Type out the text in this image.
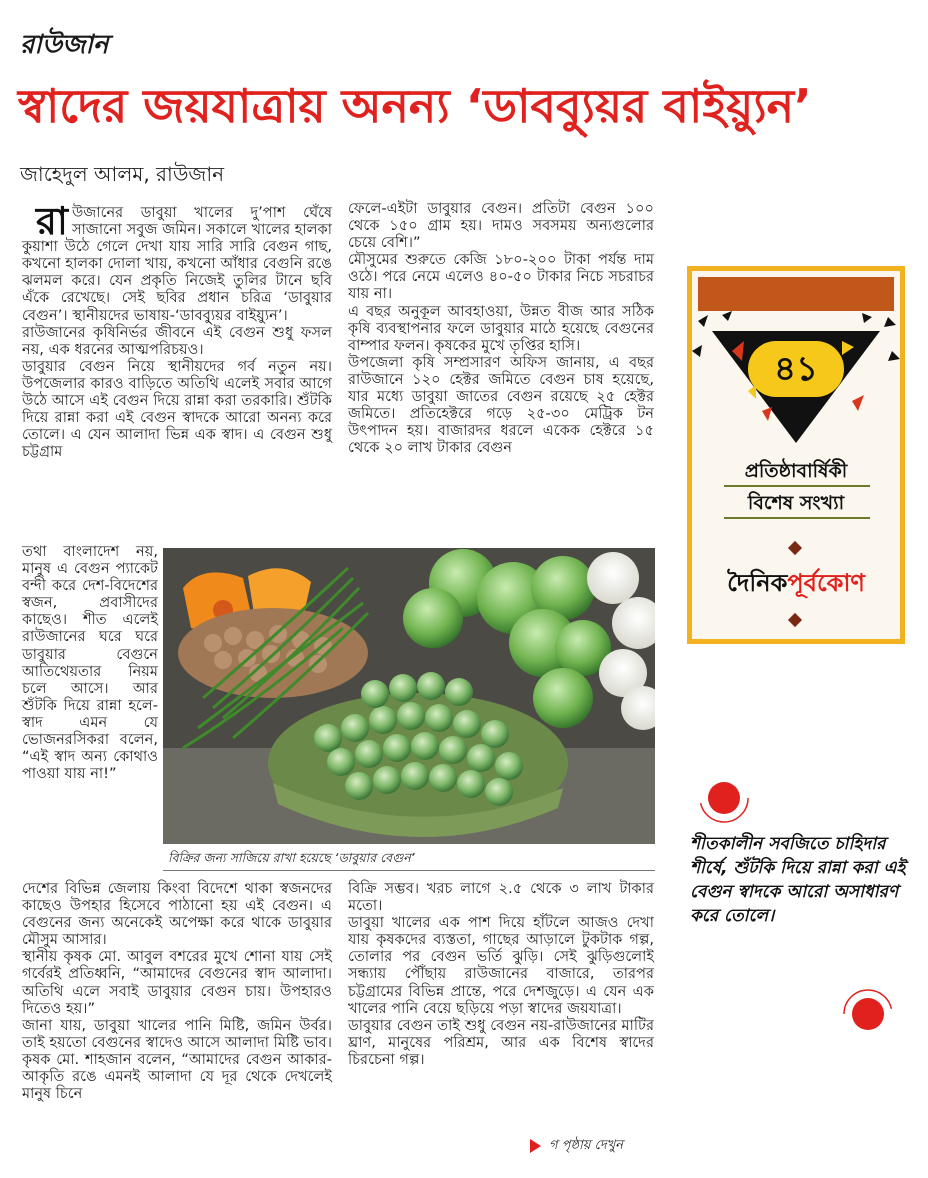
রাউজান
স্বাদের জয়যাত্রায় অনন্য ‘ডাব্ব্যুয়র বাইয়্যুন’
জাহেদুল আলম, রাউজান

রাউজানের ডাবুয়া খালের দু’পাশ ঘেঁষে সাজানো সবুজ জমিন। সকালে খালের হালকা কুয়াশা উঠে গেলে দেখা যায় সারি সারি বেগুন গাছ, কখনো হালকা দোলা খায়, কখনো আঁধার বেগুনি রঙে ঝলমল করে। যেন প্রকৃতি নিজেই তুলির টানে ছবি এঁকে রেখেছে। সেই ছবির প্রধান চরিত্র ‘ডাবুয়ার বেগুন’। স্থানীয়দের ভাষায়-‘ডাব্ব্যুয়র বাইয়্যুন’।

রাউজানের কৃষিনির্ভর জীবনে এই বেগুন শুধু ফসল নয়, এক ধরনের আত্মপরিচয়ও।

ডাবুয়ার বেগুন নিয়ে স্থানীয়দের গর্ব নতুন নয়। উপজেলার কারও বাড়িতে অতিথি এলেই সবার আগে উঠে আসে এই বেগুন দিয়ে রান্না করা তরকারি। শুঁটকি দিয়ে রান্না করা এই বেগুন স্বাদকে আরো অনন্য করে তোলে। এ যেন আলাদা ভিন্ন এক স্বাদ। এ বেগুন শুধু চট্টগ্রাম

ফেলে-এইটা ডাবুয়ার বেগুন। প্রতিটা বেগুন ১০০ থেকে ১৫০ গ্রাম হয়। দামও সবসময় অন্যগুলোর চেয়ে বেশি।”

মৌসুমের শুরুতে কেজি ১৮০-২০০ টাকা পর্যন্ত দাম ওঠে। পরে নেমে এলেও ৪০-৫০ টাকার নিচে সচরাচর যায় না।

এ বছর অনুকূল আবহাওয়া, উন্নত বীজ আর সঠিক কৃষি ব্যবস্থাপনার ফলে ডাবুয়ার মাঠে হয়েছে বেগুনের বাম্পার ফলন। কৃষকের মুখে তৃপ্তির হাসি।

উপজেলা কৃষি সম্প্রসারণ অফিস জানায়, এ বছর রাউজানে ১২০ হেক্টর জমিতে বেগুন চাষ হয়েছে, যার মধ্যে ডাবুয়া জাতের বেগুন রয়েছে ২৫ হেক্টর জমিতে। প্রতিহেক্টরে গড়ে ২৫-৩০ মেট্রিক টন উৎপাদন হয়। বাজারদর ধরলে একেক হেক্টরে ১৫ থেকে ২০ লাখ টাকার বেগুন

তথা বাংলাদেশ নয়, মানুষ এ বেগুন প্যাকেট বন্দী করে দেশ-বিদেশের স্বজন, প্রবাসীদের কাছেও। শীত এলেই রাউজানের ঘরে ঘরে ডাবুয়ার বেগুনে আতিথেয়তার নিয়ম চলে আসে। আর শুঁটকি দিয়ে রান্না হলে-স্বাদ এমন যে ভোজনরসিকরা বলেন, “এই স্বাদ অন্য কোথাও পাওয়া যায় না!”

বিক্রির জন্য সাজিয়ে রাখা হয়েছে ‘ডাবুয়ার বেগুন’

দেশের বিভিন্ন জেলায় কিংবা বিদেশে থাকা স্বজনদের কাছেও উপহার হিসেবে পাঠানো হয় এই বেগুন। এ বেগুনের জন্য অনেকেই অপেক্ষা করে থাকে ডাবুয়ার মৌসুম আসার।

স্থানীয় কৃষক মো. আবুল বশরের মুখে শোনা যায় সেই গর্বেরই প্রতিধ্বনি, “আমাদের বেগুনের স্বাদ আলাদা। অতিথি এলে সবাই ডাবুয়ার বেগুন চায়। উপহারও দিতেও হয়।”

জানা যায়, ডাবুয়া খালের পানি মিষ্টি, জমিন উর্বর। তাই হয়তো বেগুনের স্বাদেও আসে আলাদা মিষ্টি ভাব। কৃষক মো. শাহজান বলেন, “আমাদের বেগুন আকার-আকৃতি রঙে এমনই আলাদা যে দূর থেকে দেখলেই মানুষ চিনে

বিক্রি সম্ভব। খরচ লাগে ২.৫ থেকে ৩ লাখ টাকার মতো।

ডাবুয়া খালের এক পাশ দিয়ে হাঁটলে আজও দেখা যায় কৃষকদের ব্যস্ততা, গাছের আড়ালে টুকটাক গল্প, তোলার পর বেগুন ভর্তি ঝুড়ি। সেই ঝুড়িগুলোই সন্ধ্যায় পৌঁছায় রাউজানের বাজারে, তারপর চট্টগ্রামের বিভিন্ন প্রান্তে, পরে দেশজুড়ে। এ যেন এক খালের পানি বেয়ে ছড়িয়ে পড়া স্বাদের জয়যাত্রা।

ডাবুয়ার বেগুন তাই শুধু বেগুন নয়-রাউজানের মাটির ঘ্রাণ, মানুষের পরিশ্রম, আর এক বিশেষ স্বাদের চিরচেনা গল্প।

৪১
প্রতিষ্ঠাবার্ষিকী
বিশেষ সংখ্যা
দৈনিকপূর্বকোণ
শীতকালীন সবজিতে চাহিদার শীর্ষে, শুঁটকি দিয়ে রান্না করা এই বেগুন স্বাদকে আরো অসাধারণ করে তোলে।
গ পৃষ্ঠায় দেখুন
